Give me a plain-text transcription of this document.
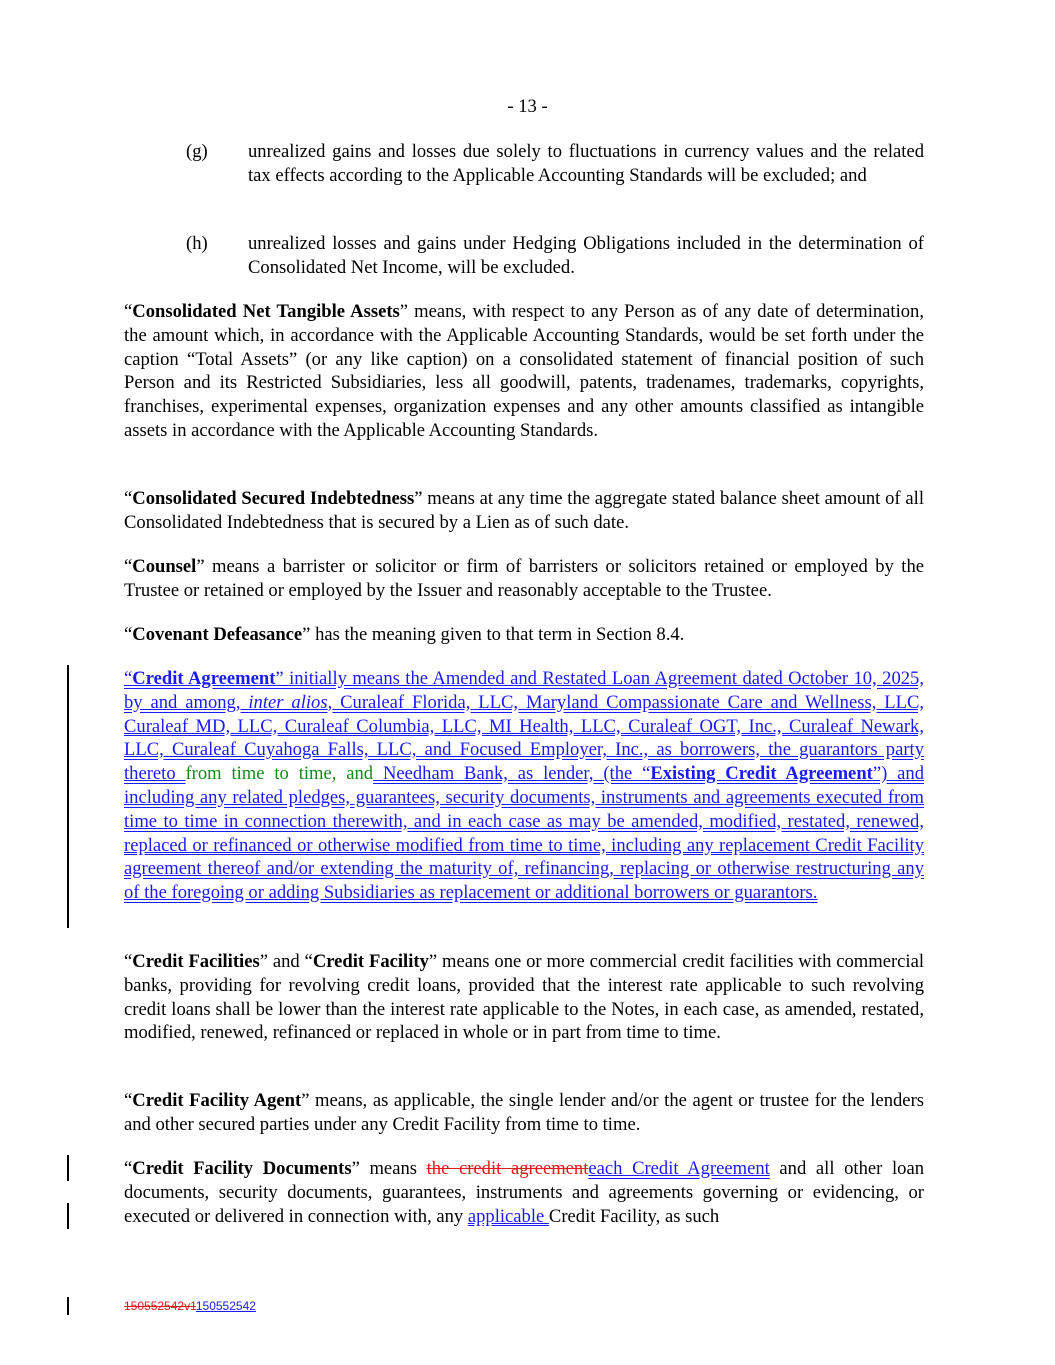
- 13 -
(g) unrealized gains and losses due solely to fluctuations in currency values and the related tax effects according to the Applicable Accounting Standards will be excluded; and
(h) unrealized losses and gains under Hedging Obligations included in the determination of Consolidated Net Income, will be excluded.

“Consolidated Net Tangible Assets” means, with respect to any Person as of any date of determination, the amount which, in accordance with the Applicable Accounting Standards, would be set forth under the caption “Total Assets” (or any like caption) on a consolidated statement of financial position of such Person and its Restricted Subsidiaries, less all goodwill, patents, tradenames, trademarks, copyrights, franchises, experimental expenses, organization expenses and any other amounts classified as intangible assets in accordance with the Applicable Accounting Standards.

“Consolidated Secured Indebtedness” means at any time the aggregate stated balance sheet amount of all Consolidated Indebtedness that is secured by a Lien as of such date.

“Counsel” means a barrister or solicitor or firm of barristers or solicitors retained or employed by the Trustee or retained or employed by the Issuer and reasonably acceptable to the Trustee.

“Covenant Defeasance” has the meaning given to that term in Section 8.4.

“Credit Agreement” initially means the Amended and Restated Loan Agreement dated October 10, 2025, by and among, inter alios, Curaleaf Florida, LLC, Maryland Compassionate Care and Wellness, LLC, Curaleaf MD, LLC, Curaleaf Columbia, LLC, MI Health, LLC, Curaleaf OGT, Inc., Curaleaf Newark, LLC, Curaleaf Cuyahoga Falls, LLC, and Focused Employer, Inc., as borrowers, the guarantors party thereto from time to time, and Needham Bank, as lender, (the “Existing Credit Agreement”) and including any related pledges, guarantees, security documents, instruments and agreements executed from time to time in connection therewith, and in each case as may be amended, modified, restated, renewed, replaced or refinanced or otherwise modified from time to time, including any replacement Credit Facility agreement thereof and/or extending the maturity of, refinancing, replacing or otherwise restructuring any of the foregoing or adding Subsidiaries as replacement or additional borrowers or guarantors.

“Credit Facilities” and “Credit Facility” means one or more commercial credit facilities with commercial banks, providing for revolving credit loans, provided that the interest rate applicable to such revolving credit loans shall be lower than the interest rate applicable to the Notes, in each case, as amended, restated, modified, renewed, refinanced or replaced in whole or in part from time to time.

“Credit Facility Agent” means, as applicable, the single lender and/or the agent or trustee for the lenders and other secured parties under any Credit Facility from time to time.

“Credit Facility Documents” means the credit agreementeach Credit Agreement and all other loan documents, security documents, guarantees, instruments and agreements governing or evidencing, or executed or delivered in connection with, any applicable Credit Facility, as such

150552542v1150552542
